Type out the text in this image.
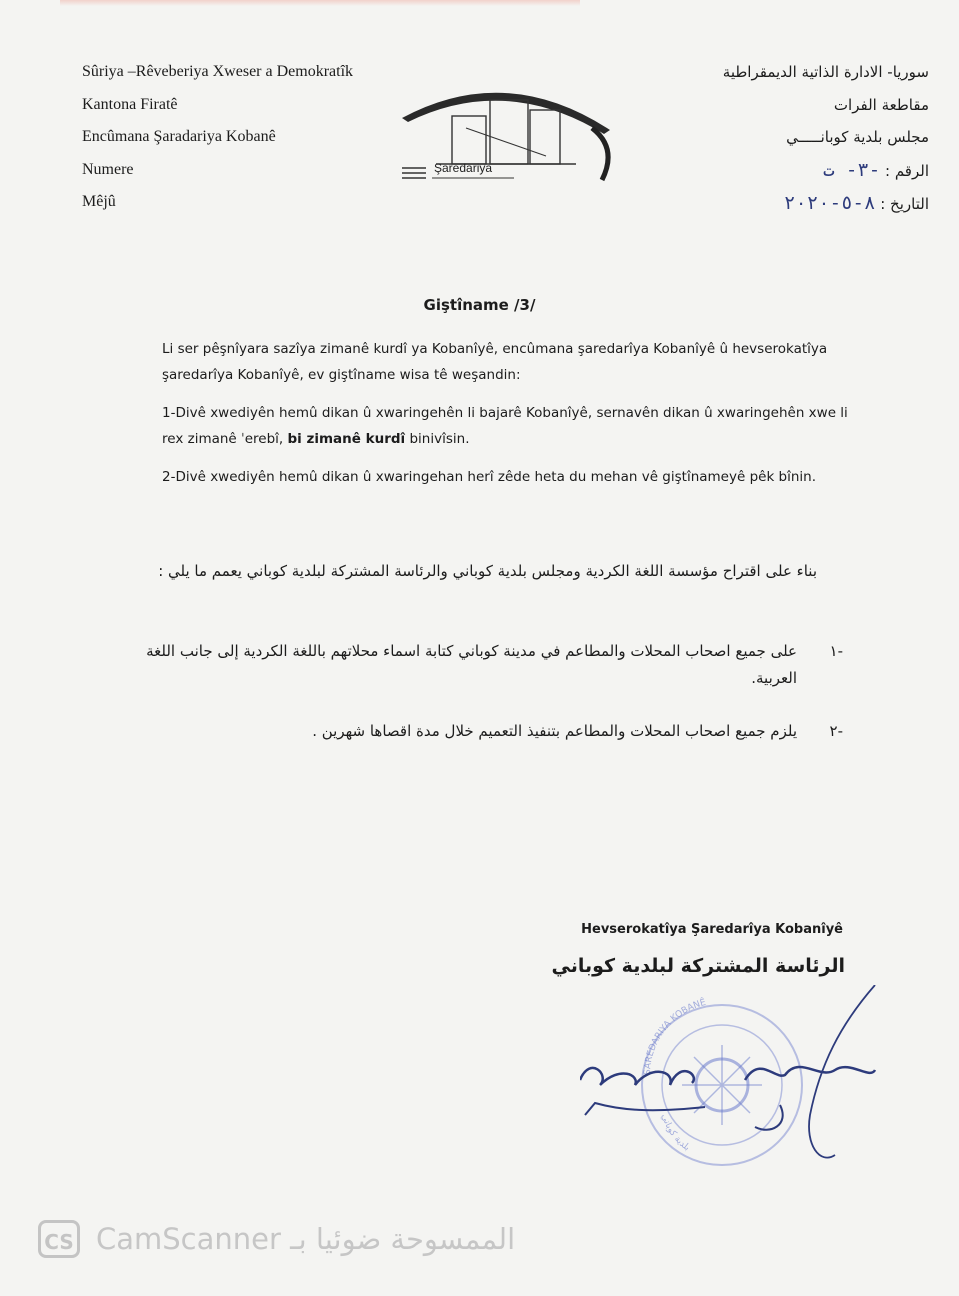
Sûriya –Rêveberiya Xweser a Demokratîk
Kantona Firatê
Encûmana Şaradariya Kobanê
Numere
Mêjû
Şaredariya
سوريا- الادارة الذاتية الديمقراطية
مقاطعة الفرات
مجلس بلدية كوبانـــــي
الرقم : -٣- ت
التاريخ : ٨-٥-٢٠٢٠
Giştîname /3/
Li ser pêşnîyara sazîya zimanê kurdî ya Kobanîyê, encûmana şaredarîya Kobanîyê û hevserokatîya şaredarîya Kobanîyê, ev giştîname wisa tê weşandin:
1-Divê xwediyên hemû dikan û xwaringehên li bajarê Kobanîyê, sernavên dikan û xwaringehên xwe li rex zimanê ˈerebî, bi zimanê kurdî binivîsin.
2-Divê xwediyên hemû dikan û xwaringehan herî zêde heta du mehan vê giştînameyê pêk bînin.
بناء على اقتراح مؤسسة اللغة الكردية ومجلس بلدية كوباني والرئاسة المشتركة لبلدية كوباني يعمم ما يلي :
-١
على جميع اصحاب المحلات والمطاعم في مدينة كوباني كتابة اسماء محلاتهم باللغة الكردية إلى جانب اللغة العربية.
-٢
يلزم جميع اصحاب المحلات والمطاعم بتنفيذ التعميم خلال مدة اقصاها شهرين .
Hevserokatîya Şaredarîya Kobanîyê
الرئاسة المشتركة لبلدية كوباني
ŞAREDARIYA KOBANÊ
بلدية كوباني
CS CamScanner الممسوحة ضوئيا بـ
